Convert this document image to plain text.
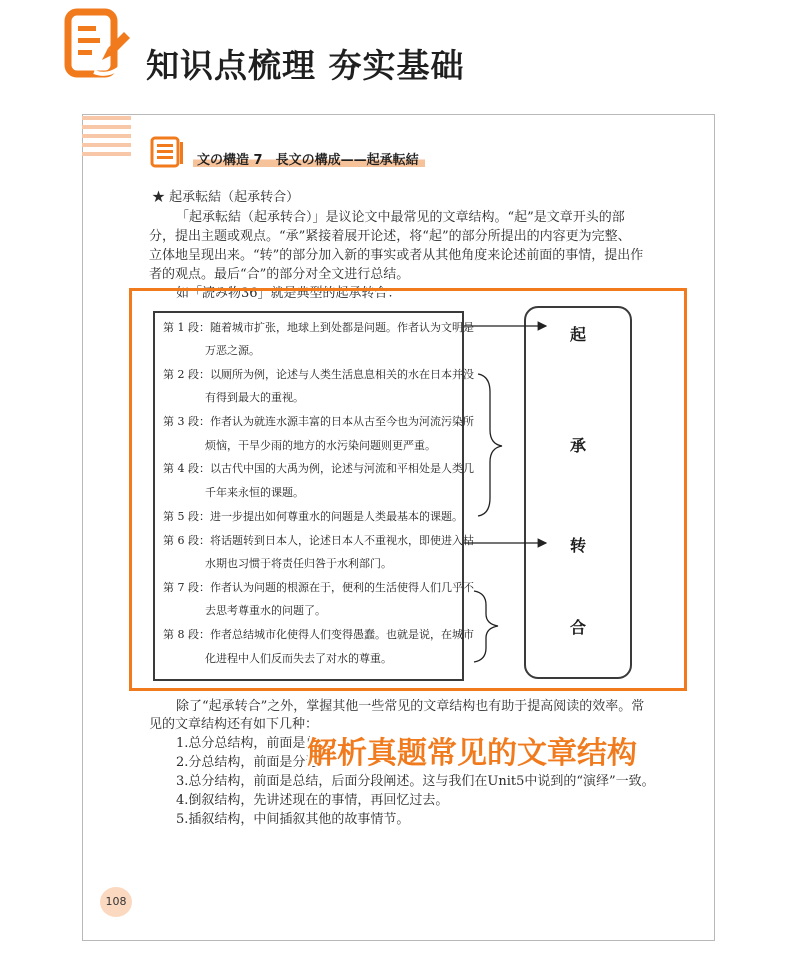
知识点梳理 夯实基础
文の構造 7　長文の構成——起承転結
★ 起承転結（起承转合）
「起承転結（起承转合）」是议论文中最常见的文章结构。“起”是文章开头的部
分，提出主题或观点。“承”紧接着展开论述，将“起”的部分所提出的内容更为完整、
立体地呈现出来。“转”的部分加入新的事实或者从其他角度来论述前面的事情，提出作
者的观点。最后“合”的部分对全文进行总结。
如「読み物36」就是典型的起承转合：
第 1 段：随着城市扩张，地球上到处都是问题。作者认为文明是
万恶之源。
第 2 段：以厕所为例，论述与人类生活息息相关的水在日本并没
有得到最大的重视。
第 3 段：作者认为就连水源丰富的日本从古至今也为河流污染所
烦恼，干旱少雨的地方的水污染问题则更严重。
第 4 段：以古代中国的大禹为例，论述与河流和平相处是人类几
千年来永恒的课题。
第 5 段：进一步提出如何尊重水的问题是人类最基本的课题。
第 6 段：将话题转到日本人，论述日本人不重视水，即使进入枯
水期也习惯于将责任归咎于水利部门。
第 7 段：作者认为问题的根源在于，便利的生活使得人们几乎不
去思考尊重水的问题了。
第 8 段：作者总结城市化使得人们变得愚蠢。也就是说，在城市
化进程中人们反而失去了对水的尊重。
起
承
转
合
除了“起承转合”之外，掌握其他一些常见的文章结构也有助于提高阅读的效率。常
见的文章结构还有如下几种：
1.总分总结构，前面是总
2.分总结构，前面是分述
3.总分结构，前面是总结，后面分段阐述。这与我们在Unit5中说到的“演绎”一致。
4.倒叙结构，先讲述现在的事情，再回忆过去。
5.插叙结构，中间插叙其他的故事情节。
解析真题常见的文章结构
108
